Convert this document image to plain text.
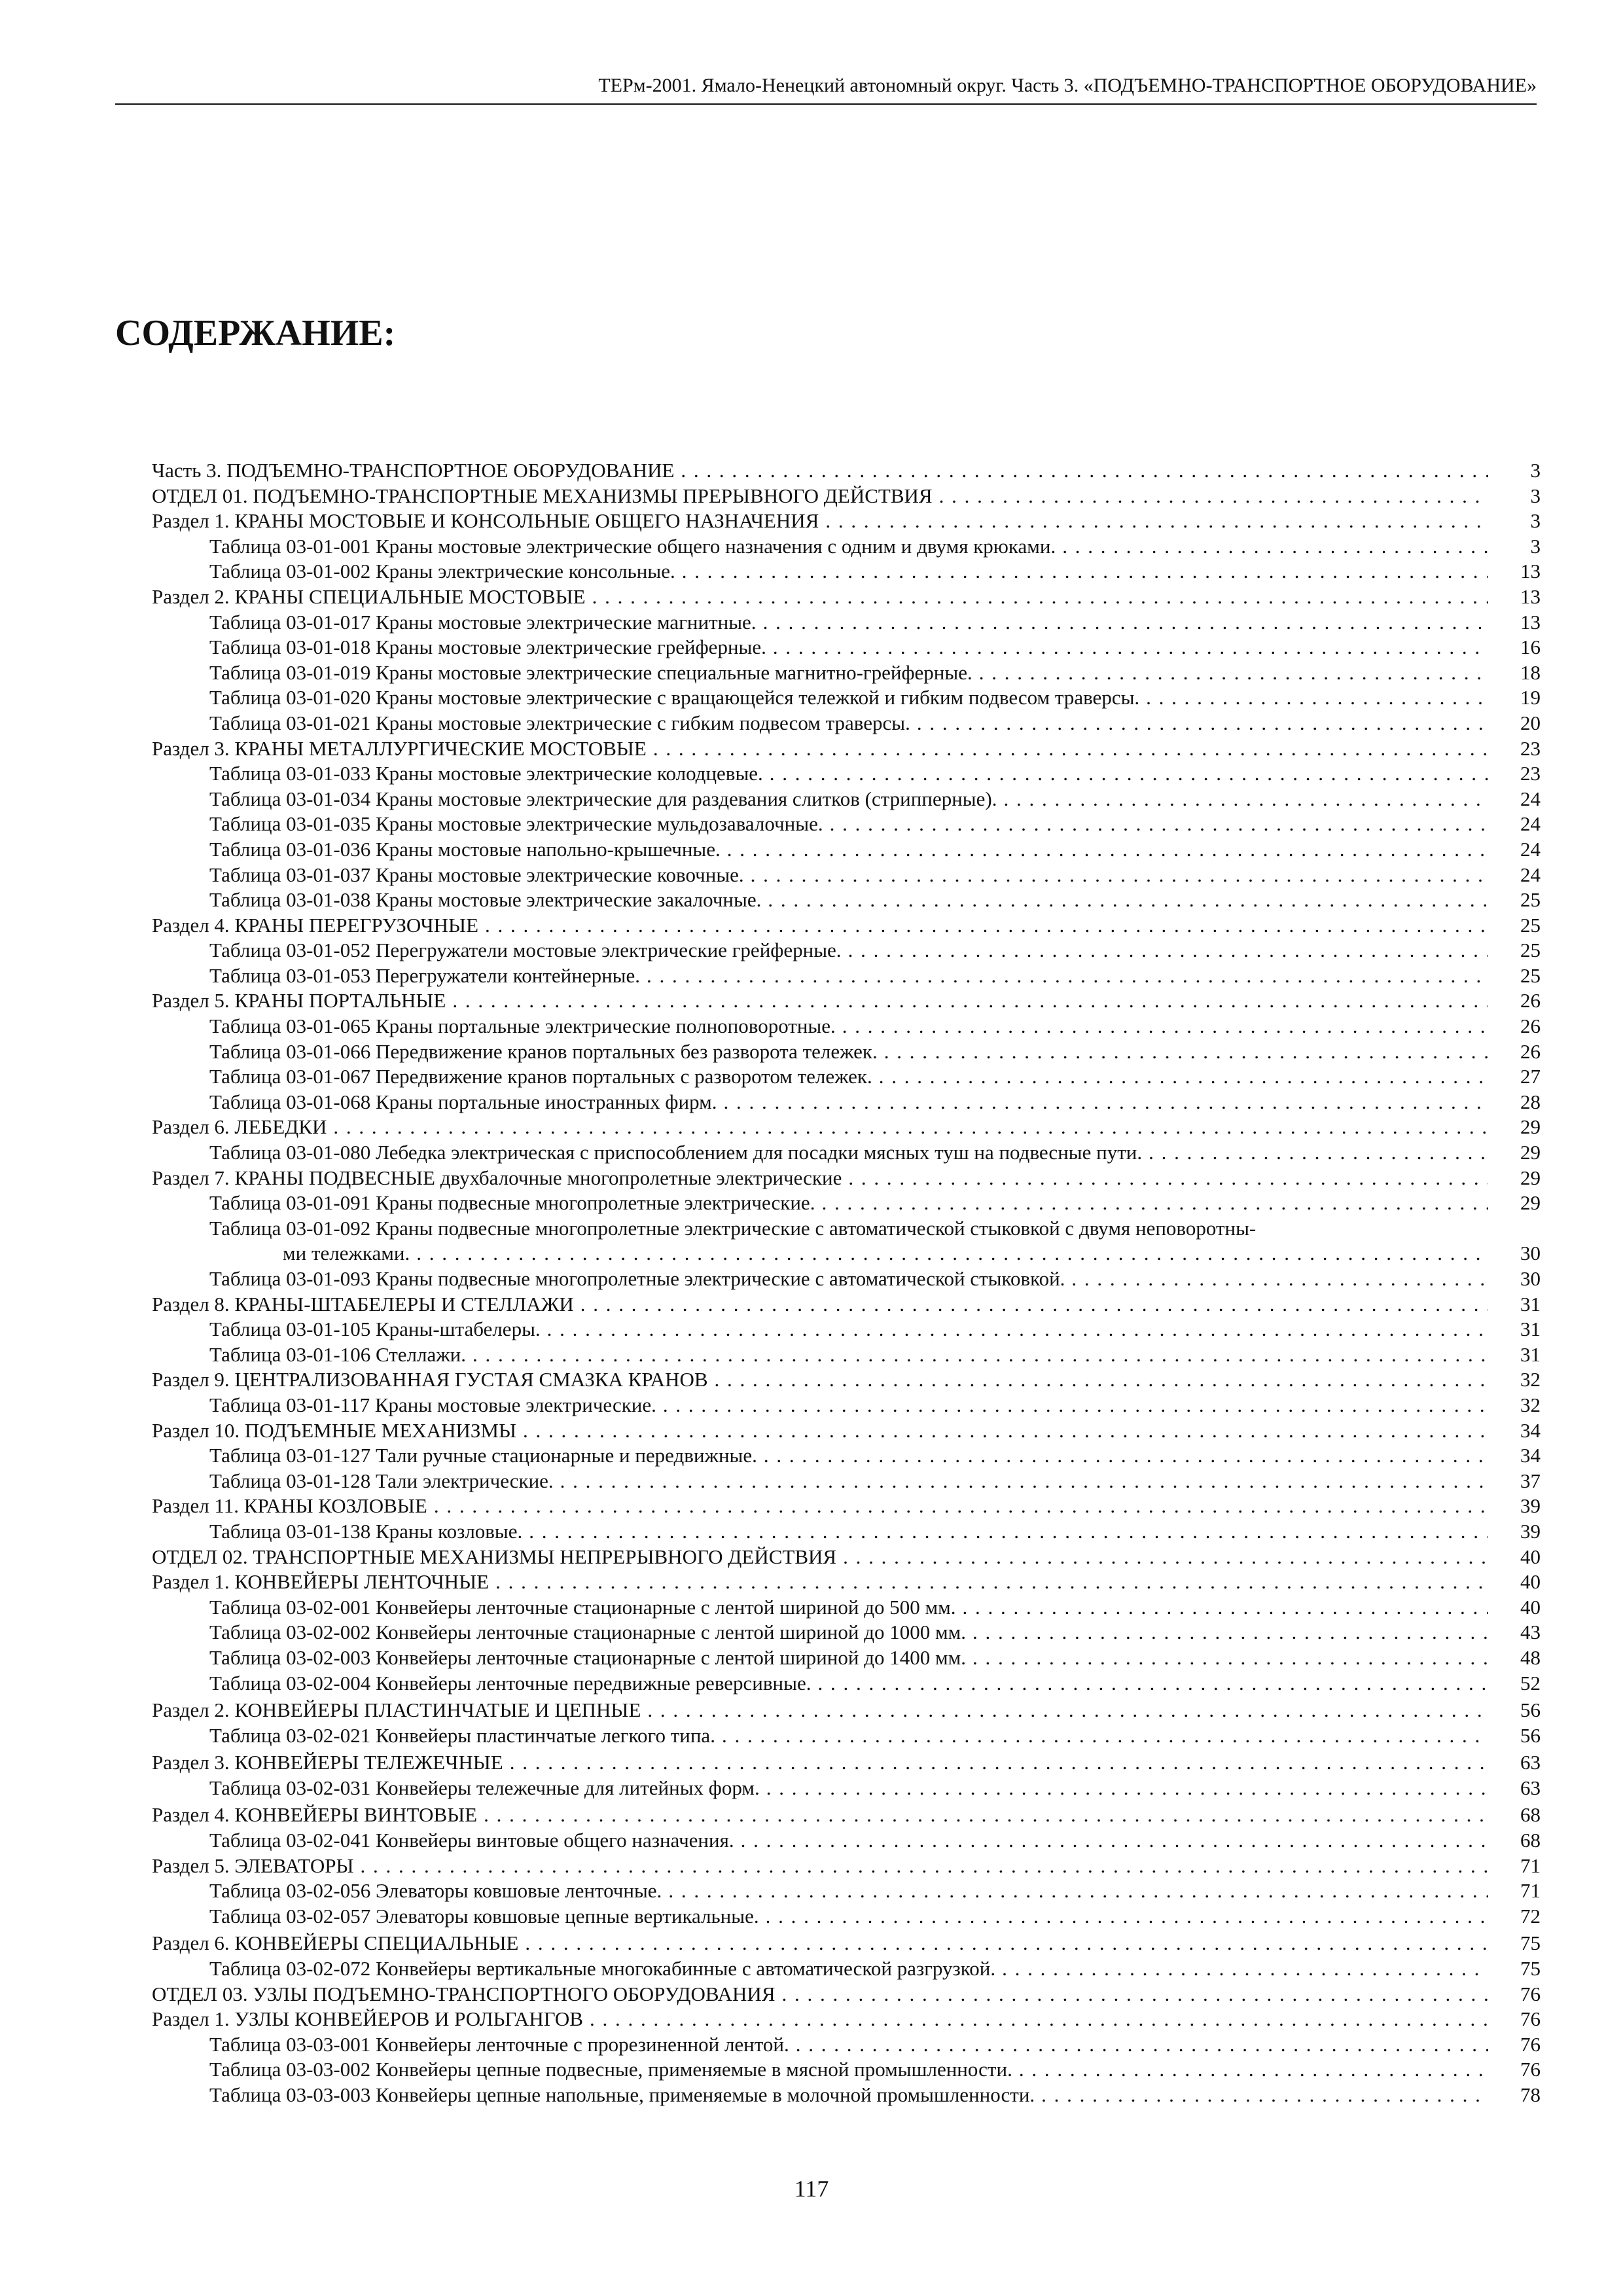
ТЕРм-2001. Ямало-Ненецкий автономный округ. Часть 3. «ПОДЪЕМНО-ТРАНСПОРТНОЕ ОБОРУДОВАНИЕ»
СОДЕРЖАНИЕ:
Часть 3. ПОДЪЕМНО-ТРАНСПОРТНОЕ ОБОРУДОВАНИЕ . . .	3
ОТДЕЛ 01. ПОДЪЕМНО-ТРАНСПОРТНЫЕ МЕХАНИЗМЫ ПРЕРЫВНОГО ДЕЙСТВИЯ . . .	3
Раздел 1. КРАНЫ МОСТОВЫЕ И КОНСОЛЬНЫЕ ОБЩЕГО НАЗНАЧЕНИЯ . . .	3
Таблица 03-01-001 Краны мостовые электрические общего назначения с одним и двумя крюками. . . .	3
Таблица 03-01-002 Краны электрические консольные. . . .	13
Раздел 2. КРАНЫ СПЕЦИАЛЬНЫЕ МОСТОВЫЕ . . .	13
Таблица 03-01-017 Краны мостовые электрические магнитные. . . .	13
Таблица 03-01-018 Краны мостовые электрические грейферные. . . .	16
Таблица 03-01-019 Краны мостовые электрические специальные магнитно-грейферные. . . .	18
Таблица 03-01-020 Краны мостовые электрические с вращающейся тележкой и гибким подвесом траверсы. . . .	19
Таблица 03-01-021 Краны мостовые электрические с гибким подвесом траверсы. . . .	20
Раздел 3. КРАНЫ МЕТАЛЛУРГИЧЕСКИЕ МОСТОВЫЕ . . .	23
Таблица 03-01-033 Краны мостовые электрические колодцевые. . . .	23
Таблица 03-01-034 Краны мостовые электрические для раздевания слитков (стрипперные). . . .	24
Таблица 03-01-035 Краны мостовые электрические мульдозавалочные. . . .	24
Таблица 03-01-036 Краны мостовые напольно-крышечные. . . .	24
Таблица 03-01-037 Краны мостовые электрические ковочные. . . .	24
Таблица 03-01-038 Краны мостовые электрические закалочные. . . .	25
Раздел 4. КРАНЫ ПЕРЕГРУЗОЧНЫЕ . . .	25
Таблица 03-01-052 Перегружатели мостовые электрические грейферные. . . .	25
Таблица 03-01-053 Перегружатели контейнерные. . . .	25
Раздел 5. КРАНЫ ПОРТАЛЬНЫЕ . . .	26
Таблица 03-01-065 Краны портальные электрические полноповоротные. . . .	26
Таблица 03-01-066 Передвижение кранов портальных без разворота тележек. . . .	26
Таблица 03-01-067 Передвижение кранов портальных с разворотом тележек. . . .	27
Таблица 03-01-068 Краны портальные иностранных фирм. . . .	28
Раздел 6. ЛЕБЕДКИ . . .	29
Таблица 03-01-080 Лебедка электрическая с приспособлением для посадки мясных туш на подвесные пути. . . .	29
Раздел 7. КРАНЫ ПОДВЕСНЫЕ двухбалочные многопролетные электрические . . .	29
Таблица 03-01-091 Краны подвесные многопролетные электрические. . . .	29
Таблица 03-01-092 Краны подвесные многопролетные электрические с автоматической стыковкой с двумя неповоротны-
ми тележками. . . .	30
Таблица 03-01-093 Краны подвесные многопролетные электрические с автоматической стыковкой. . . .	30
Раздел 8. КРАНЫ-ШТАБЕЛЕРЫ И СТЕЛЛАЖИ . . .	31
Таблица 03-01-105 Краны-штабелеры. . . .	31
Таблица 03-01-106 Стеллажи. . . .	31
Раздел 9. ЦЕНТРАЛИЗОВАННАЯ ГУСТАЯ СМАЗКА КРАНОВ . . .	32
Таблица 03-01-117 Краны мостовые электрические. . . .	32
Раздел 10. ПОДЪЕМНЫЕ МЕХАНИЗМЫ . . .	34
Таблица 03-01-127 Тали ручные стационарные и передвижные. . . .	34
Таблица 03-01-128 Тали электрические. . . .	37
Раздел 11. КРАНЫ КОЗЛОВЫЕ . . .	39
Таблица 03-01-138 Краны козловые. . . .	39
ОТДЕЛ 02. ТРАНСПОРТНЫЕ МЕХАНИЗМЫ НЕПРЕРЫВНОГО ДЕЙСТВИЯ . . .	40
Раздел 1. КОНВЕЙЕРЫ ЛЕНТОЧНЫЕ . . .	40
Таблица 03-02-001 Конвейеры ленточные стационарные с лентой шириной до 500 мм. . . .	40
Таблица 03-02-002 Конвейеры ленточные стационарные с лентой шириной до 1000 мм. . . .	43
Таблица 03-02-003 Конвейеры ленточные стационарные с лентой шириной до 1400 мм. . . .	48
Таблица 03-02-004 Конвейеры ленточные передвижные реверсивные. . . .	52
Раздел 2. КОНВЕЙЕРЫ ПЛАСТИНЧАТЫЕ И ЦЕПНЫЕ . . .	56
Таблица 03-02-021 Конвейеры пластинчатые легкого типа. . . .	56
Раздел 3. КОНВЕЙЕРЫ ТЕЛЕЖЕЧНЫЕ . . .	63
Таблица 03-02-031 Конвейеры тележечные для литейных форм. . . .	63
Раздел 4. КОНВЕЙЕРЫ ВИНТОВЫЕ . . .	68
Таблица 03-02-041 Конвейеры винтовые общего назначения. . . .	68
Раздел 5. ЭЛЕВАТОРЫ . . .	71
Таблица 03-02-056 Элеваторы ковшовые ленточные. . . .	71
Таблица 03-02-057 Элеваторы ковшовые цепные вертикальные. . . .	72
Раздел 6. КОНВЕЙЕРЫ СПЕЦИАЛЬНЫЕ . . .	75
Таблица 03-02-072 Конвейеры вертикальные многокабинные с автоматической разгрузкой. . . .	75
ОТДЕЛ 03. УЗЛЫ ПОДЪЕМНО-ТРАНСПОРТНОГО ОБОРУДОВАНИЯ . . .	76
Раздел 1. УЗЛЫ КОНВЕЙЕРОВ И РОЛЬГАНГОВ . . .	76
Таблица 03-03-001 Конвейеры ленточные с прорезиненной лентой. . . .	76
Таблица 03-03-002 Конвейеры цепные подвесные, применяемые в мясной промышленности. . . .	76
Таблица 03-03-003 Конвейеры цепные напольные, применяемые в молочной промышленности. . . .	78
117
